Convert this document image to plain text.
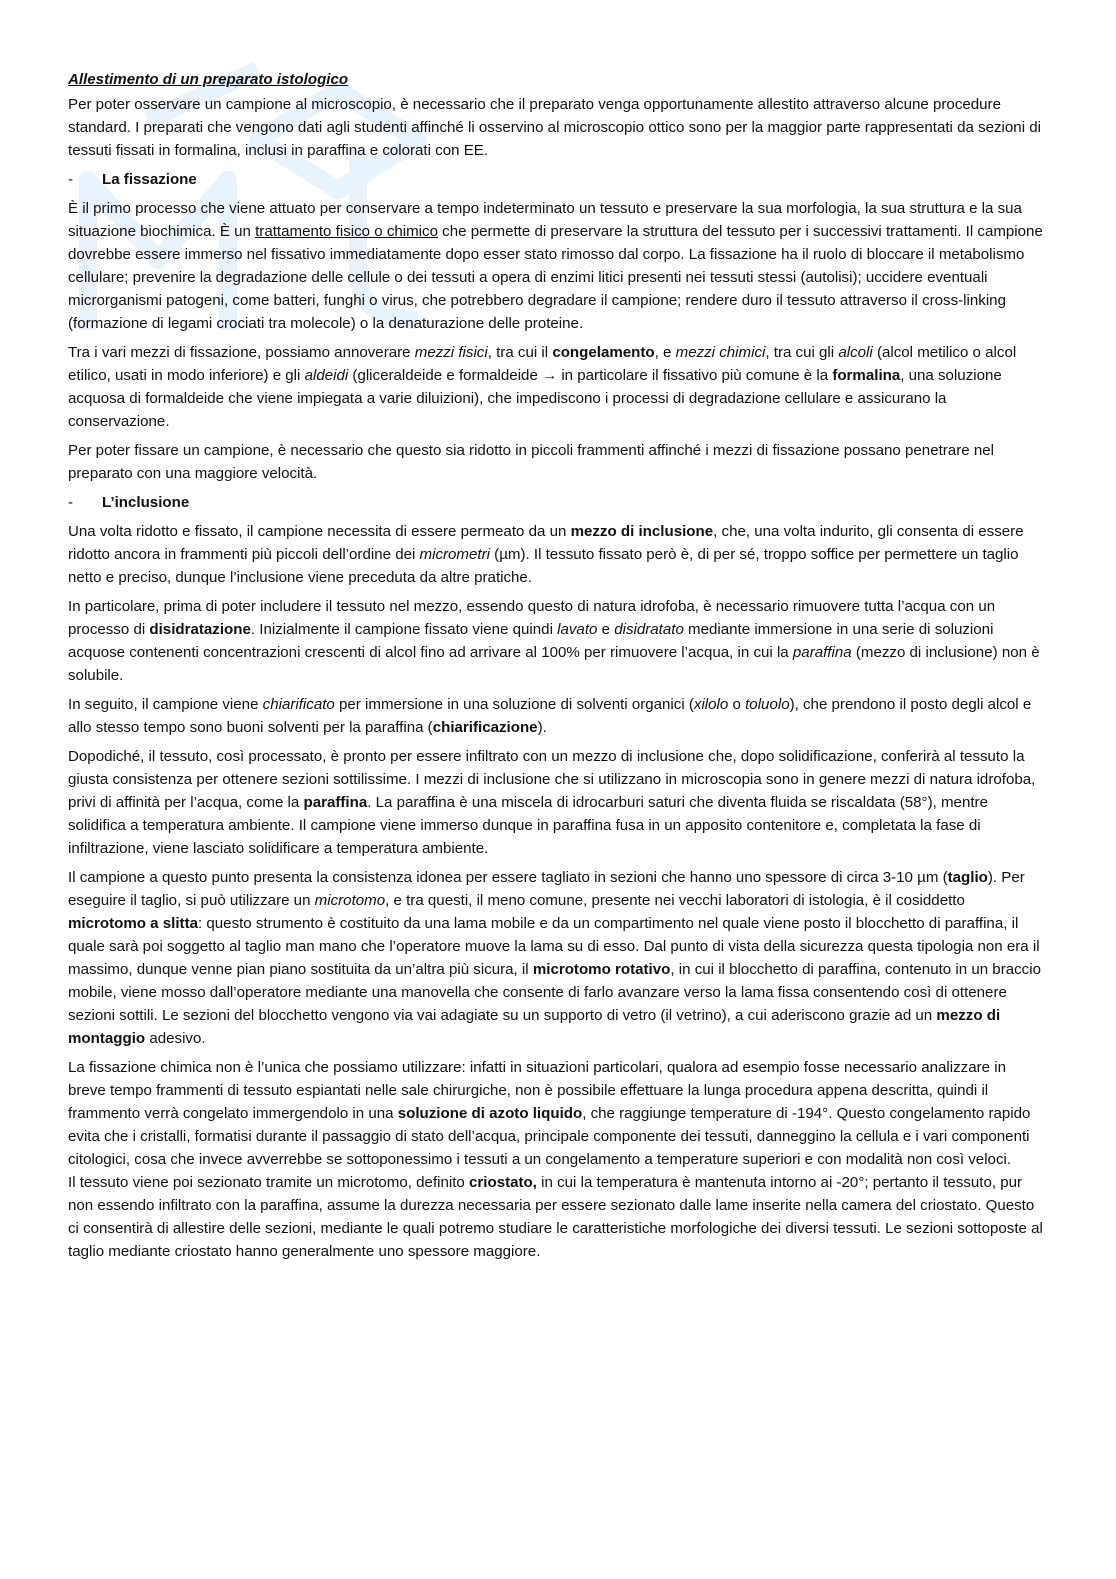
Allestimento di un preparato istologico

Per poter osservare un campione al microscopio, è necessario che il preparato venga opportunamente allestito attraverso alcune procedure standard. I preparati che vengono dati agli studenti affinché li osservino al microscopio ottico sono per la maggior parte rappresentati da sezioni di tessuti fissati in formalina, inclusi in paraffina e colorati con EE.

-	La fissazione

È il primo processo che viene attuato per conservare a tempo indeterminato un tessuto e preservare la sua morfologia, la sua struttura e la sua situazione biochimica. È un trattamento fisico o chimico che permette di preservare la struttura del tessuto per i successivi trattamenti. Il campione dovrebbe essere immerso nel fissativo immediatamente dopo esser stato rimosso dal corpo. La fissazione ha il ruolo di bloccare il metabolismo cellulare; prevenire la degradazione delle cellule o dei tessuti a opera di enzimi litici presenti nei tessuti stessi (autolisi); uccidere eventuali microrganismi patogeni, come batteri, funghi o virus, che potrebbero degradare il campione; rendere duro il tessuto attraverso il cross-linking (formazione di legami crociati tra molecole) o la denaturazione delle proteine.

Tra i vari mezzi di fissazione, possiamo annoverare mezzi fisici, tra cui il congelamento, e mezzi chimici, tra cui gli alcoli (alcol metilico o alcol etilico, usati in modo inferiore) e gli aldeidi (gliceraldeide e formaldeide → in particolare il fissativo più comune è la formalina, una soluzione acquosa di formaldeide che viene impiegata a varie diluizioni), che impediscono i processi di degradazione cellulare e assicurano la conservazione.

Per poter fissare un campione, è necessario che questo sia ridotto in piccoli frammenti affinché i mezzi di fissazione possano penetrare nel preparato con una maggiore velocità.

-	L’inclusione

Una volta ridotto e fissato, il campione necessita di essere permeato da un mezzo di inclusione, che, una volta indurito, gli consenta di essere ridotto ancora in frammenti più piccoli dell’ordine dei micrometri (µm). Il tessuto fissato però è, di per sé, troppo soffice per permettere un taglio netto e preciso, dunque l’inclusione viene preceduta da altre pratiche.

In particolare, prima di poter includere il tessuto nel mezzo, essendo questo di natura idrofoba, è necessario rimuovere tutta l’acqua con un processo di disidratazione. Inizialmente il campione fissato viene quindi lavato e disidratato mediante immersione in una serie di soluzioni acquose contenenti concentrazioni crescenti di alcol fino ad arrivare al 100% per rimuovere l’acqua, in cui la paraffina (mezzo di inclusione) non è solubile.

In seguito, il campione viene chiarificato per immersione in una soluzione di solventi organici (xilolo o toluolo), che prendono il posto degli alcol e allo stesso tempo sono buoni solventi per la paraffina (chiarificazione).

Dopodiché, il tessuto, così processato, è pronto per essere infiltrato con un mezzo di inclusione che, dopo solidificazione, conferirà al tessuto la giusta consistenza per ottenere sezioni sottilissime. I mezzi di inclusione che si utilizzano in microscopia sono in genere mezzi di natura idrofoba, privi di affinità per l’acqua, come la paraffina. La paraffina è una miscela di idrocarburi saturi che diventa fluida se riscaldata (58°), mentre solidifica a temperatura ambiente. Il campione viene immerso dunque in paraffina fusa in un apposito contenitore e, completata la fase di infiltrazione, viene lasciato solidificare a temperatura ambiente.

Il campione a questo punto presenta la consistenza idonea per essere tagliato in sezioni che hanno uno spessore di circa 3-10 µm (taglio). Per eseguire il taglio, si può utilizzare un microtomo, e tra questi, il meno comune, presente nei vecchi laboratori di istologia, è il cosiddetto microtomo a slitta: questo strumento è costituito da una lama mobile e da un compartimento nel quale viene posto il blocchetto di paraffina, il quale sarà poi soggetto al taglio man mano che l’operatore muove la lama su di esso. Dal punto di vista della sicurezza questa tipologia non era il massimo, dunque venne pian piano sostituita da un’altra più sicura, il microtomo rotativo, in cui il blocchetto di paraffina, contenuto in un braccio mobile, viene mosso dall’operatore mediante una manovella che consente di farlo avanzare verso la lama fissa consentendo così di ottenere sezioni sottili. Le sezioni del blocchetto vengono via vai adagiate su un supporto di vetro (il vetrino), a cui aderiscono grazie ad un mezzo di montaggio adesivo.

La fissazione chimica non è l’unica che possiamo utilizzare: infatti in situazioni particolari, qualora ad esempio fosse necessario analizzare in breve tempo frammenti di tessuto espiantati nelle sale chirurgiche, non è possibile effettuare la lunga procedura appena descritta, quindi il frammento verrà congelato immergendolo in una soluzione di azoto liquido, che raggiunge temperature di -194°. Questo congelamento rapido evita che i cristalli, formatisi durante il passaggio di stato dell’acqua, principale componente dei tessuti, danneggino la cellula e i vari componenti citologici, cosa che invece avverrebbe se sottoponessimo i tessuti a un congelamento a temperature superiori e con modalità non così veloci.

Il tessuto viene poi sezionato tramite un microtomo, definito criostato, in cui la temperatura è mantenuta intorno ai -20°; pertanto il tessuto, pur non essendo infiltrato con la paraffina, assume la durezza necessaria per essere sezionato dalle lame inserite nella camera del criostato. Questo ci consentirà di allestire delle sezioni, mediante le quali potremo studiare le caratteristiche morfologiche dei diversi tessuti. Le sezioni sottoposte al taglio mediante criostato hanno generalmente uno spessore maggiore.
